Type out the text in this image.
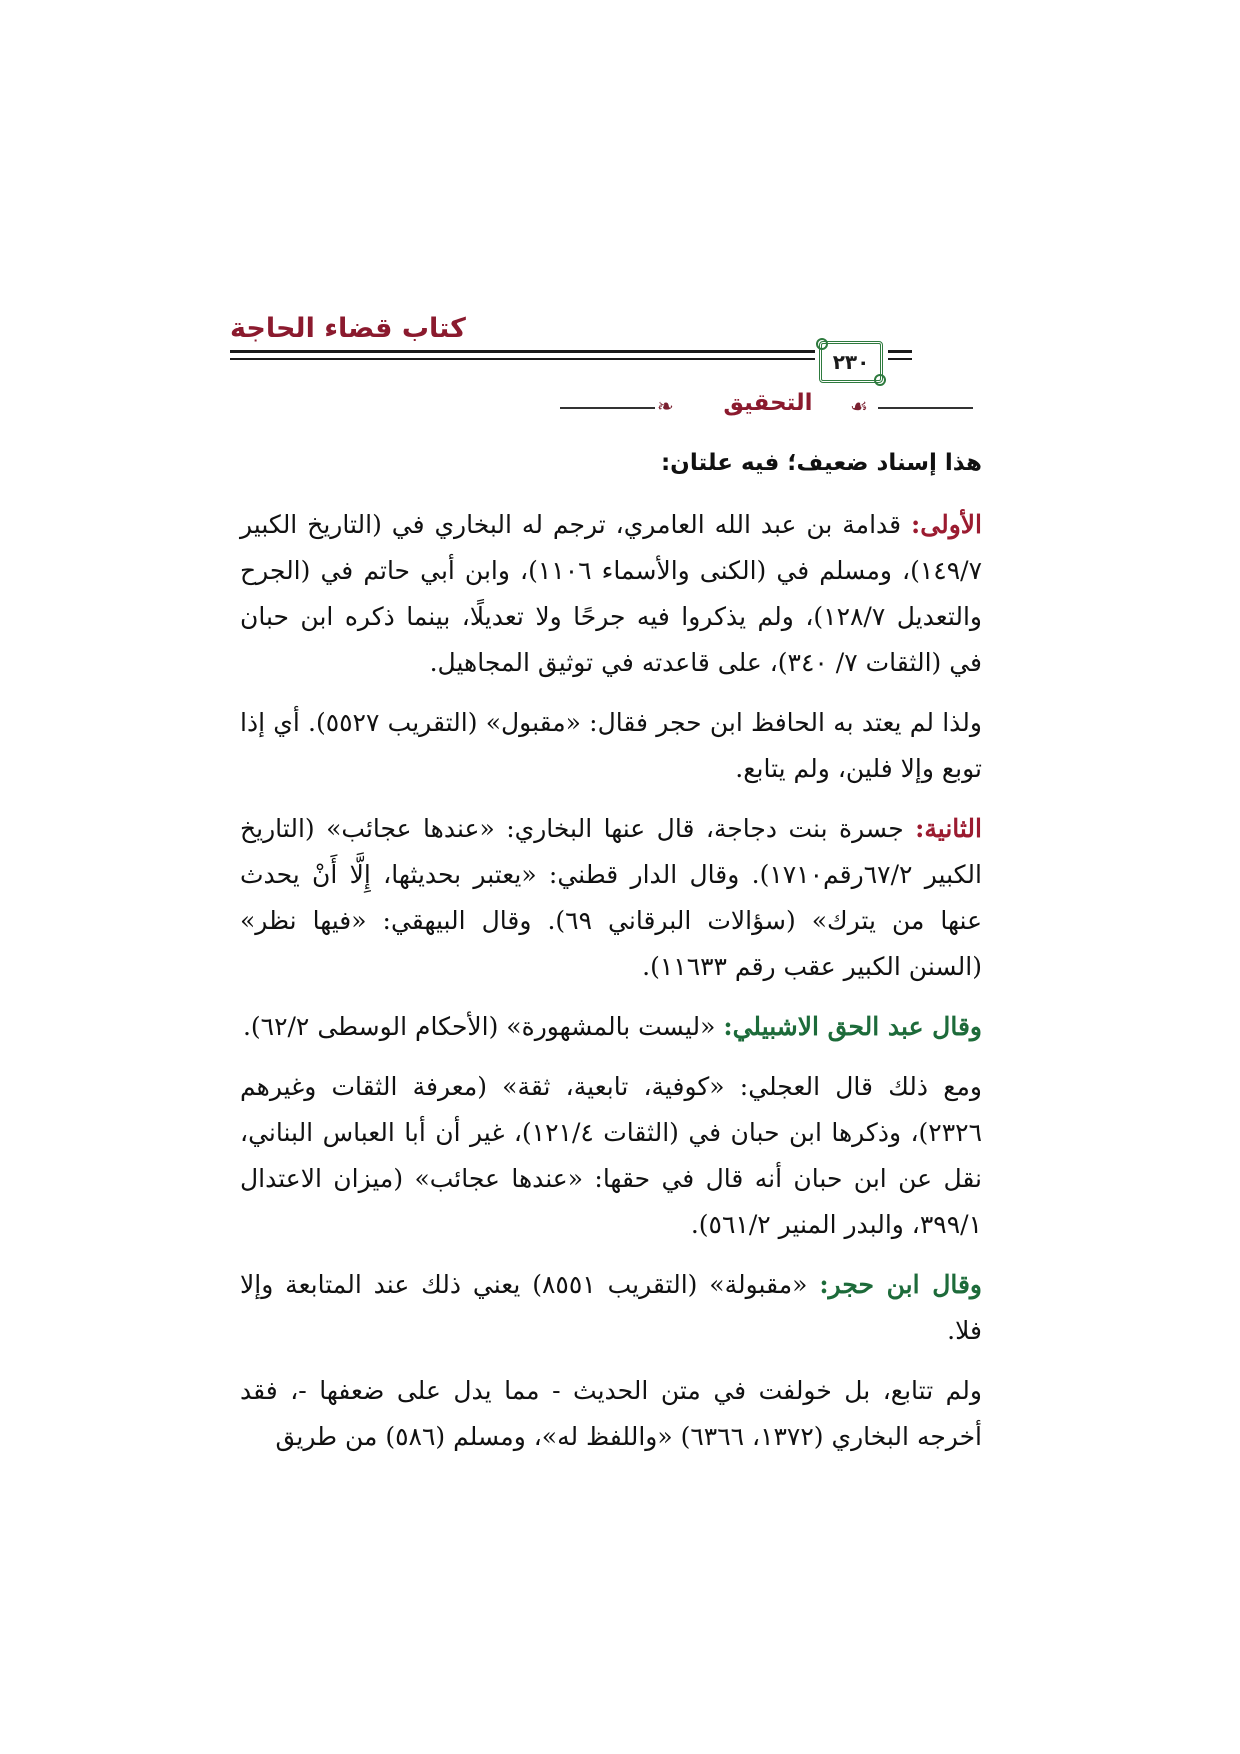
كتاب قضاء الحاجة
٢٣٠
❧	التحقيق	☙

هذا إسناد ضعيف؛ فيه علتان:

الأولى: قدامة بن عبد الله العامري، ترجم له البخاري في (التاريخ الكبير ١٤٩/٧)، ومسلم في (الكنى والأسماء ١١٠٦)، وابن أبي حاتم في (الجرح والتعديل ١٢٨/٧)، ولم يذكروا فيه جرحًا ولا تعديلًا، بينما ذكره ابن حبان في (الثقات ٧/ ٣٤٠)، على قاعدته في توثيق المجاهيل.

ولذا لم يعتد به الحافظ ابن حجر فقال: «مقبول» (التقريب ٥٥٢٧). أي إذا توبع وإلا فلين، ولم يتابع.

الثانية: جسرة بنت دجاجة، قال عنها البخاري: «عندها عجائب» (التاريخ الكبير ٦٧/٢رقم١٧١٠). وقال الدار قطني: «يعتبر بحديثها، إِلَّا أَنْ يحدث عنها من يترك» (سؤالات البرقاني ٦٩). وقال البيهقي: «فيها نظر» (السنن الكبير عقب رقم ١١٦٣٣).

وقال عبد الحق الاشبيلي: «ليست بالمشهورة» (الأحكام الوسطى ٦٢/٢).

ومع ذلك قال العجلي: «كوفية، تابعية، ثقة» (معرفة الثقات وغيرهم ٢٣٢٦)، وذكرها ابن حبان في (الثقات ١٢١/٤)، غير أن أبا العباس البناني، نقل عن ابن حبان أنه قال في حقها: «عندها عجائب» (ميزان الاعتدال ٣٩٩/١، والبدر المنير ٥٦١/٢).

وقال ابن حجر: «مقبولة» (التقريب ٨٥٥١) يعني ذلك عند المتابعة وإلا فلا.

ولم تتابع، بل خولفت في متن الحديث - مما يدل على ضعفها -، فقد أخرجه البخاري (١٣٧٢، ٦٣٦٦) «واللفظ له»، ومسلم (٥٨٦) من طريق
